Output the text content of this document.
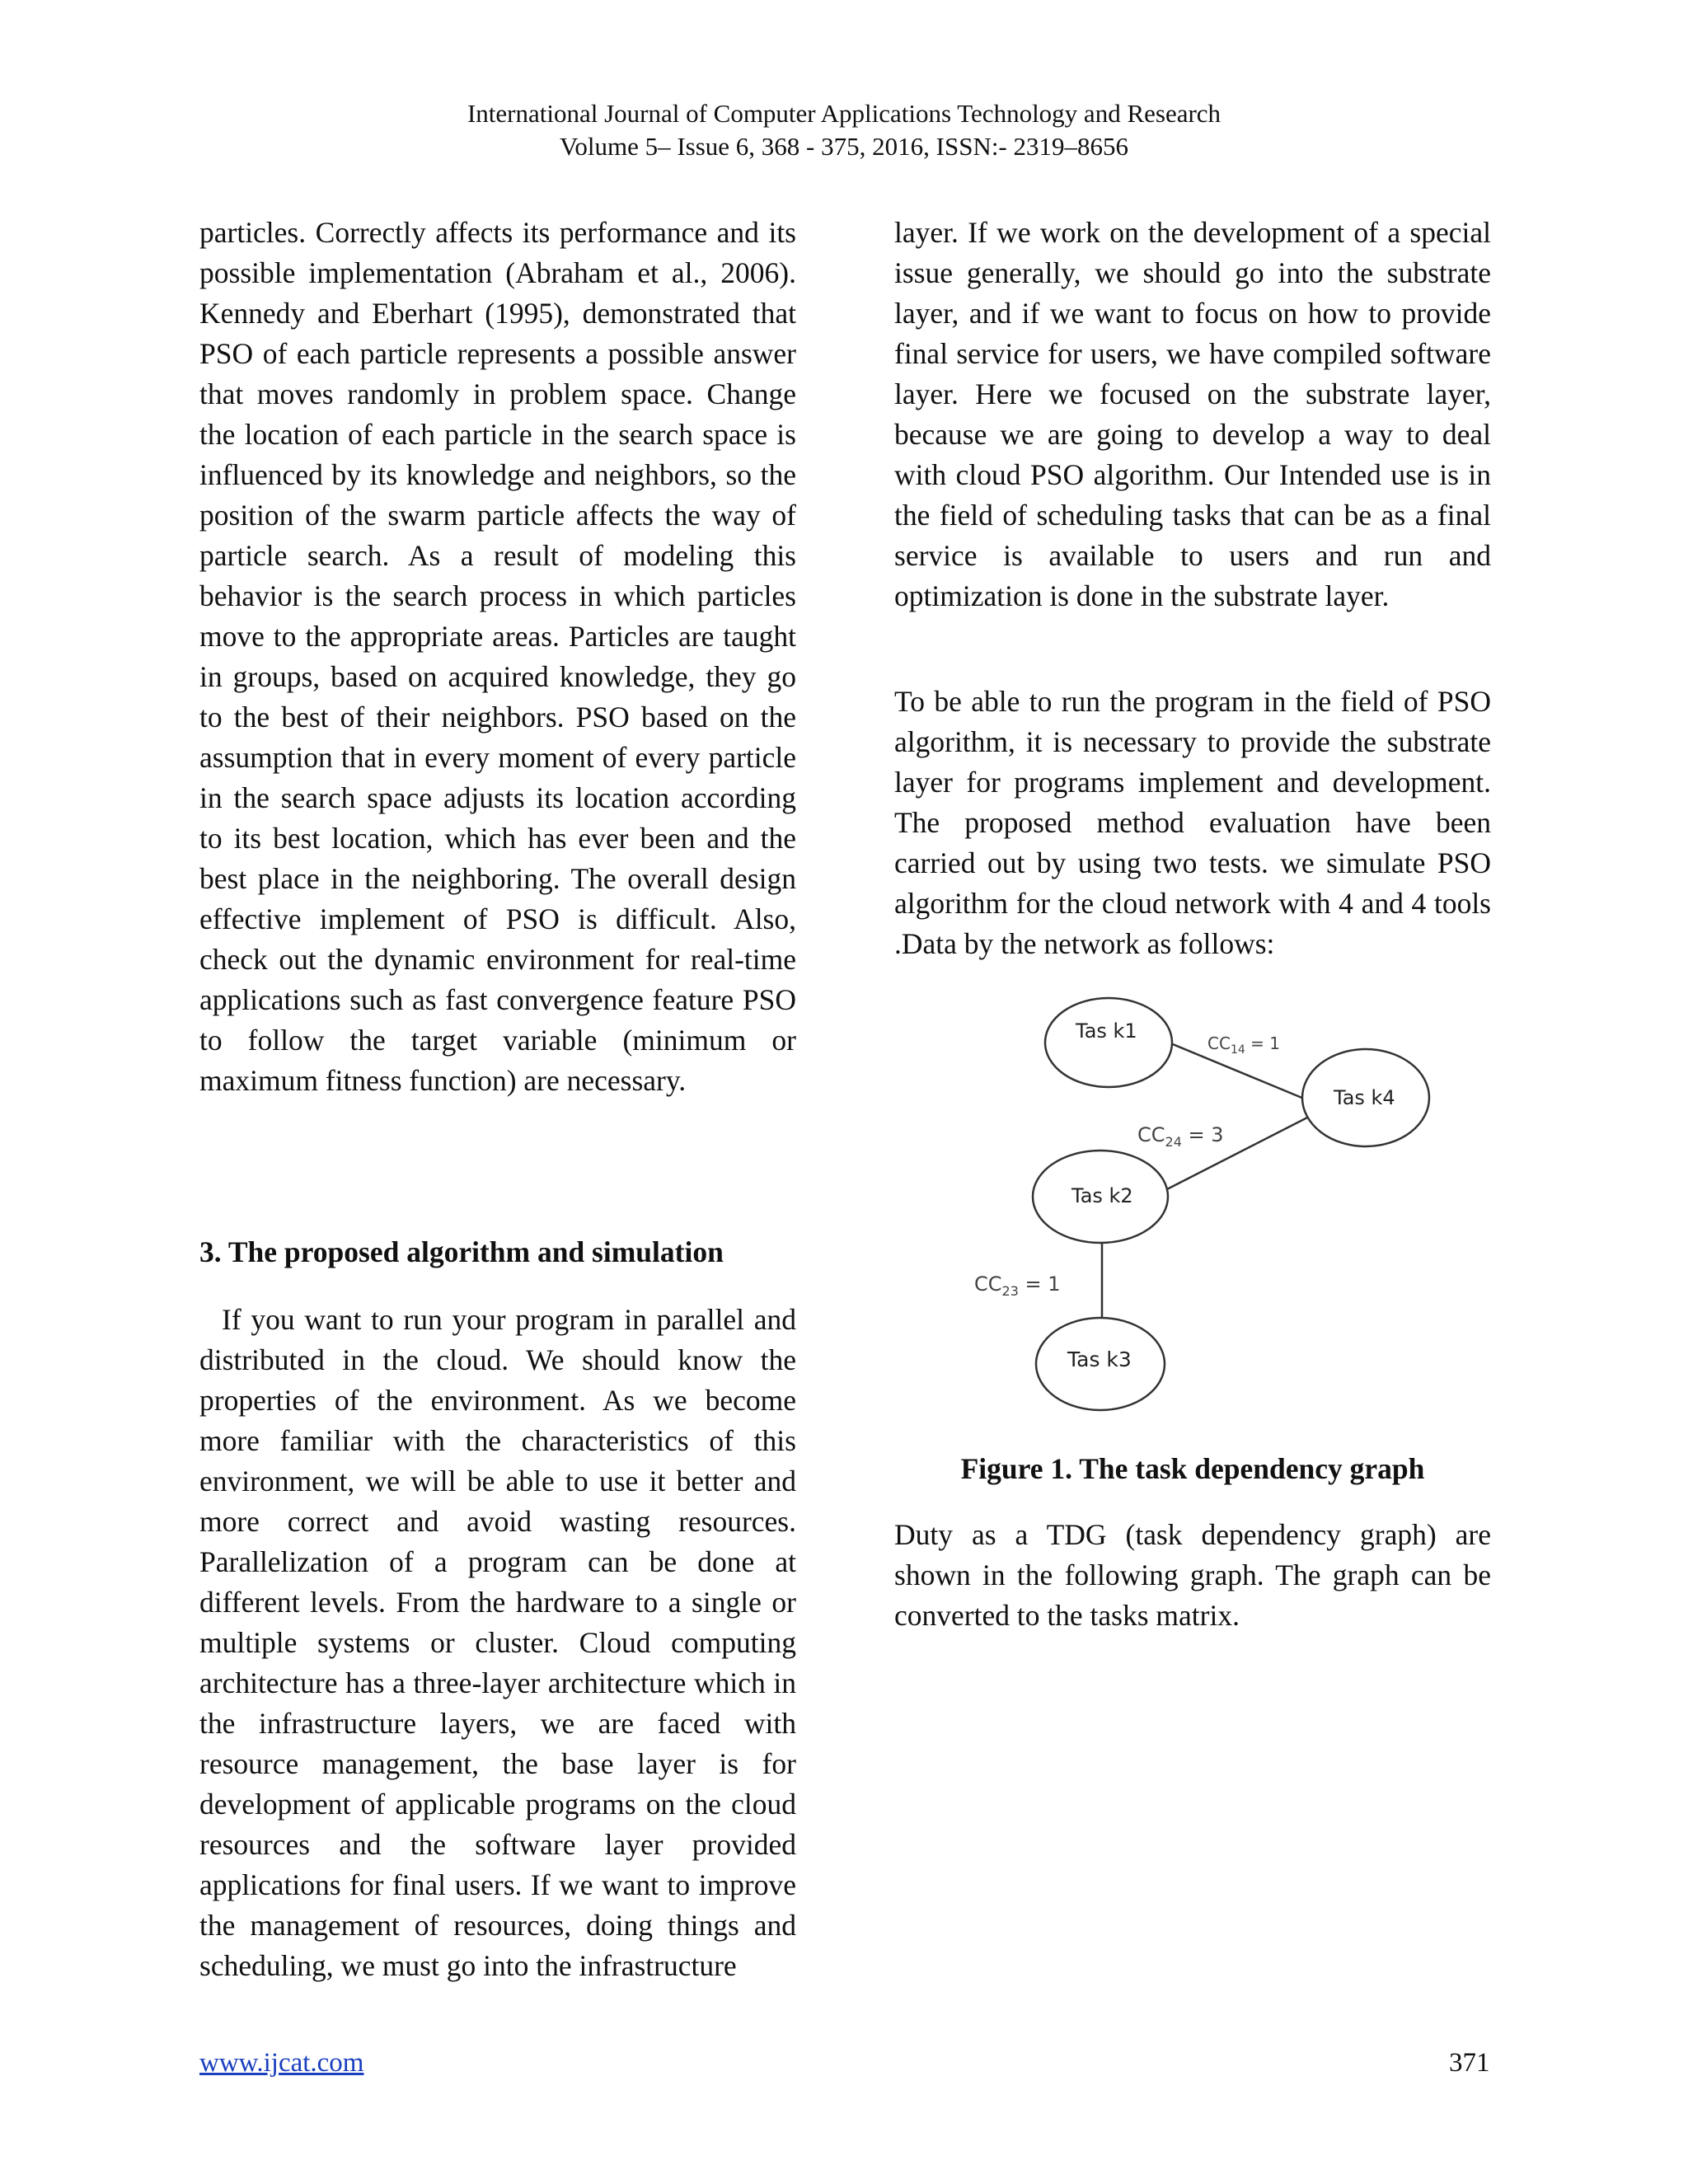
International Journal of Computer Applications Technology and Research
Volume 5– Issue 6, 368 - 375, 2016, ISSN:- 2319–8656

particles. Correctly affects its performance and its possible implementation (Abraham et al., 2006). Kennedy and Eberhart (1995), demonstrated that PSO of each particle represents a possible answer that moves randomly in problem space. Change the location of each particle in the search space is influenced by its knowledge and neighbors, so the position of the swarm particle affects the way of particle search. As a result of modeling this behavior is the search process in which particles move to the appropriate areas. Particles are taught in groups, based on acquired knowledge, they go to the best of their neighbors. PSO based on the assumption that in every moment of every particle in the search space adjusts its location according to its best location, which has ever been and the best place in the neighboring. The overall design effective implement of PSO is difficult. Also, check out the dynamic environment for real-time applications such as fast convergence feature PSO to follow the target variable (minimum or maximum fitness function) are necessary.

3. The proposed algorithm and simulation
If you want to run your program in parallel and distributed in the cloud. We should know the properties of the environment. As we become more familiar with the characteristics of this environment, we will be able to use it better and more correct and avoid wasting resources. Parallelization of a program can be done at different levels. From the hardware to a single or multiple systems or cluster. Cloud computing architecture has a three-layer architecture which in the infrastructure layers, we are faced with resource management, the base layer is for development of applicable programs on the cloud resources and the software layer provided applications for final users. If we want to improve the management of resources, doing things and scheduling, we must go into the infrastructure

layer. If we work on the development of a special issue generally, we should go into the substrate layer, and if we want to focus on how to provide final service for users, we have compiled software layer. Here we focused on the substrate layer, because we are going to develop a way to deal with cloud PSO algorithm. Our Intended use is in the field of scheduling tasks that can be as a final service is available to users and run and optimization is done in the substrate layer.

To be able to run the program in the field of PSO algorithm, it is necessary to provide the substrate layer for programs implement and development. The proposed method evaluation have been carried out by using two tests. we simulate PSO algorithm for the cloud network with 4 and 4 tools .Data by the network as follows:
Tas k1
Tas k4
Tas k2
Tas k3
$CC_{14} = 1$
$CC_{24} = 3$
$CC_{23} = 1$
Figure 1. The task dependency graph
Duty as a TDG (task dependency graph) are shown in the following graph. The graph can be converted to the tasks matrix.
www.ijcat.com	371
